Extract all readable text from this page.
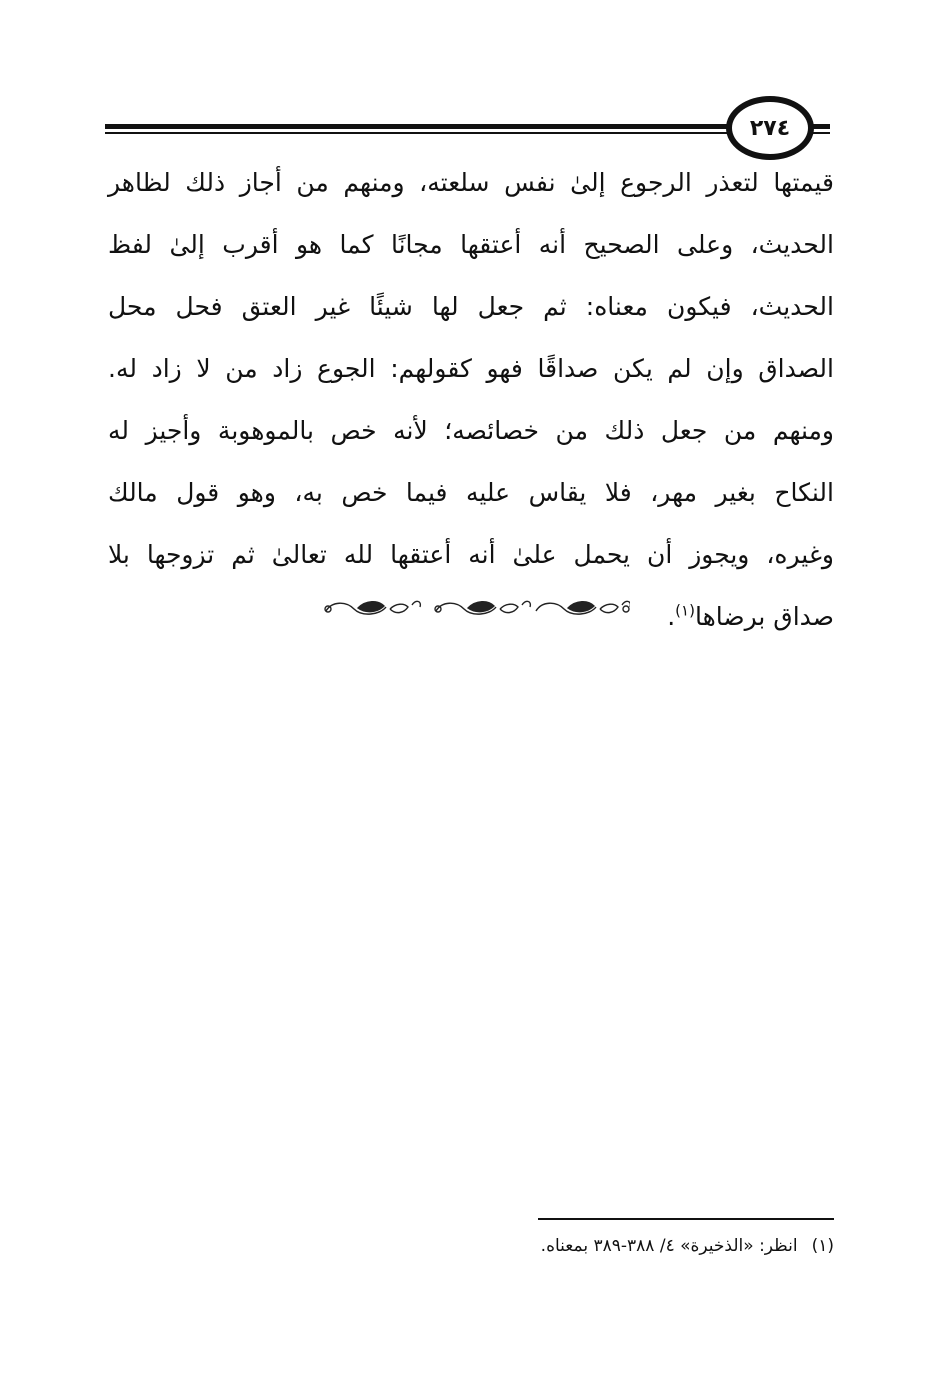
٢٧٤
قيمتها لتعذر الرجوع إلىٰ نفس سلعته، ومنهم من أجاز ذلك لظاهر
الحديث، وعلى الصحيح أنه أعتقها مجانًا كما هو أقرب إلىٰ لفظ
الحديث، فيكون معناه: ثم جعل لها شيئًا غير العتق فحل محل
الصداق وإن لم يكن صداقًا فهو كقولهم: الجوع زاد من لا زاد له.
ومنهم من جعل ذلك من خصائصه؛ لأنه خص بالموهوبة وأجيز له
النكاح بغير مهر، فلا يقاس عليه فيما خص به، وهو قول مالك
وغيره، ويجوز أن يحمل علىٰ أنه أعتقها لله تعالىٰ ثم تزوجها بلا
صداق برضاها$^{(١)}$.
(١)انظر: «الذخيرة» ٤/ ٣٨٨-٣٨٩ بمعناه.
